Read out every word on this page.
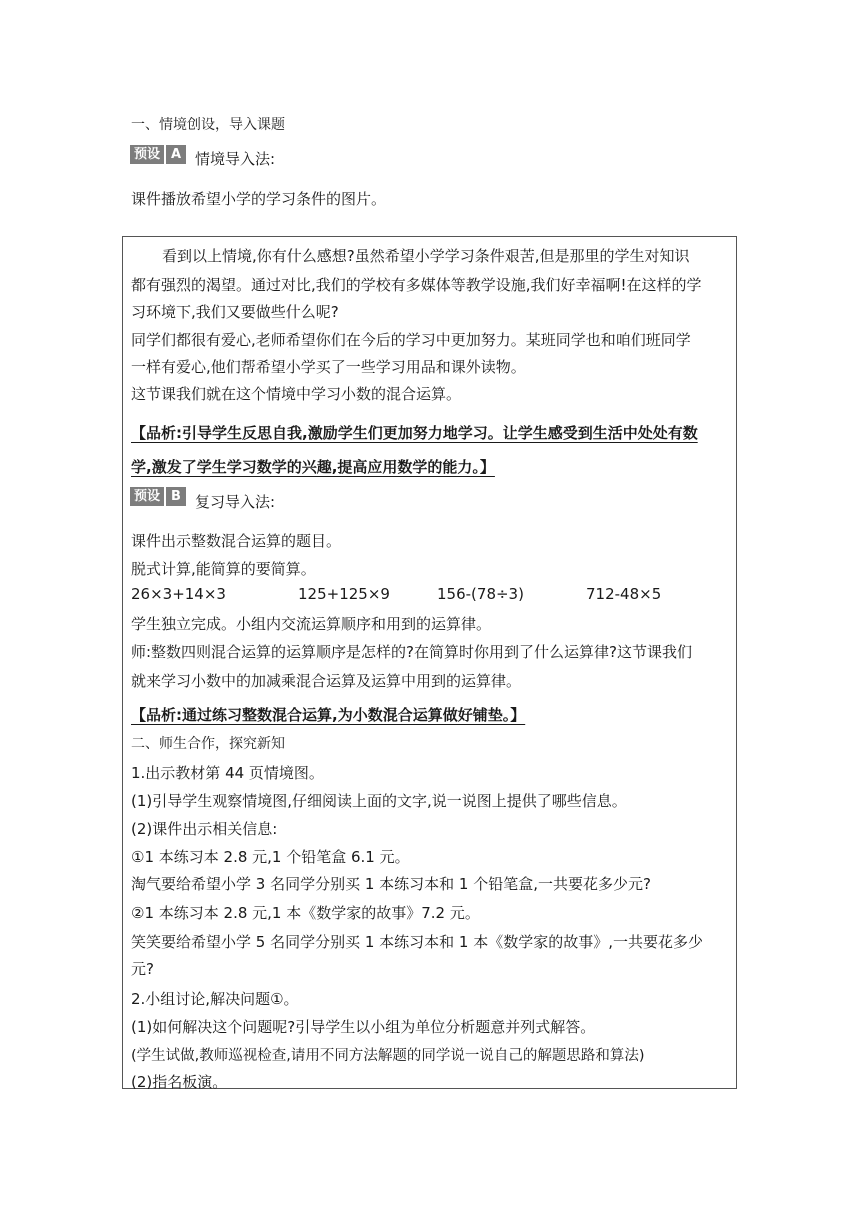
一、情境创设，导入课题
预设 A 情境导入法:
课件播放希望小学的学习条件的图片。
看到以上情境,你有什么感想?虽然希望小学学习条件艰苦,但是那里的学生对知识
都有强烈的渴望。通过对比,我们的学校有多媒体等教学设施,我们好幸福啊!在这样的学
习环境下,我们又要做些什么呢?
同学们都很有爱心,老师希望你们在今后的学习中更加努力。某班同学也和咱们班同学
一样有爱心,他们帮希望小学买了一些学习用品和课外读物。
这节课我们就在这个情境中学习小数的混合运算。
【品析:引导学生反思自我,激励学生们更加努力地学习。让学生感受到生活中处处有数
学,激发了学生学习数学的兴趣,提高应用数学的能力。】
预设 B 复习导入法:
课件出示整数混合运算的题目。
脱式计算,能简算的要简算。
26×3+14×3	125+125×9	156-(78÷3)	712-48×5
学生独立完成。小组内交流运算顺序和用到的运算律。
师:整数四则混合运算的运算顺序是怎样的?在简算时你用到了什么运算律?这节课我们
就来学习小数中的加减乘混合运算及运算中用到的运算律。
【品析:通过练习整数混合运算,为小数混合运算做好铺垫。】
二、师生合作，探究新知
1.出示教材第 44 页情境图。
(1)引导学生观察情境图,仔细阅读上面的文字,说一说图上提供了哪些信息。
(2)课件出示相关信息:
①1 本练习本 2.8 元,1 个铅笔盒 6.1 元。
淘气要给希望小学 3 名同学分别买 1 本练习本和 1 个铅笔盒,一共要花多少元?
②1 本练习本 2.8 元,1 本《数学家的故事》7.2 元。
笑笑要给希望小学 5 名同学分别买 1 本练习本和 1 本《数学家的故事》,一共要花多少
元?
2.小组讨论,解决问题①。
(1)如何解决这个问题呢?引导学生以小组为单位分析题意并列式解答。
(学生试做,教师巡视检查,请用不同方法解题的同学说一说自己的解题思路和算法)
(2)指名板演。
